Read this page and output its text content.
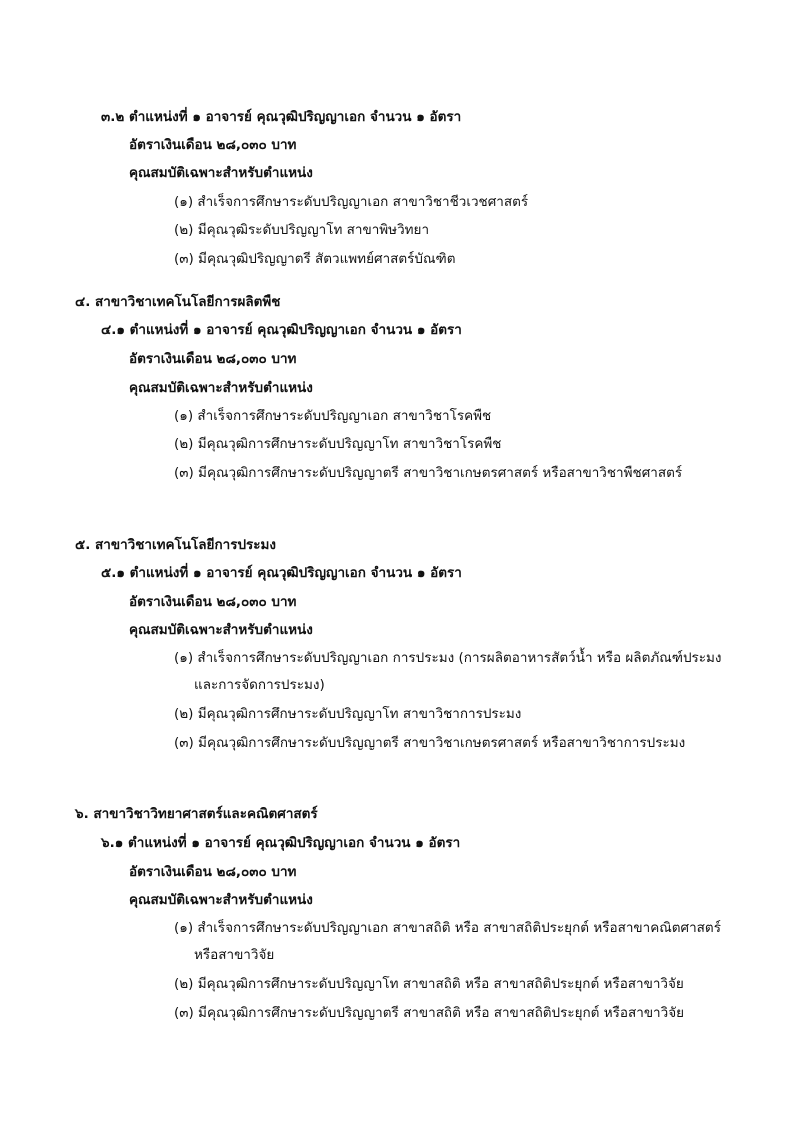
๓.๒ ตำแหน่งที่ ๑ อาจารย์ คุณวุฒิปริญญาเอก จำนวน ๑ อัตรา
อัตราเงินเดือน ๒๘,๐๓๐ บาท
คุณสมบัติเฉพาะสำหรับตำแหน่ง
(๑) สำเร็จการศึกษาระดับปริญญาเอก สาขาวิชาชีวเวชศาสตร์
(๒) มีคุณวุฒิระดับปริญญาโท สาขาพิษวิทยา
(๓) มีคุณวุฒิปริญญาตรี สัตวแพทย์ศาสตร์บัณฑิต
๔. สาขาวิชาเทคโนโลยีการผลิตพืช
๔.๑ ตำแหน่งที่ ๑ อาจารย์ คุณวุฒิปริญญาเอก จำนวน ๑ อัตรา
อัตราเงินเดือน ๒๘,๐๓๐ บาท
คุณสมบัติเฉพาะสำหรับตำแหน่ง
(๑) สำเร็จการศึกษาระดับปริญญาเอก สาขาวิชาโรคพืช
(๒) มีคุณวุฒิการศึกษาระดับปริญญาโท สาขาวิชาโรคพืช
(๓) มีคุณวุฒิการศึกษาระดับปริญญาตรี สาขาวิชาเกษตรศาสตร์ หรือสาขาวิชาพืชศาสตร์
๕. สาขาวิชาเทคโนโลยีการประมง
๕.๑ ตำแหน่งที่ ๑ อาจารย์ คุณวุฒิปริญญาเอก จำนวน ๑ อัตรา
อัตราเงินเดือน ๒๘,๐๓๐ บาท
คุณสมบัติเฉพาะสำหรับตำแหน่ง
(๑) สำเร็จการศึกษาระดับปริญญาเอก การประมง (การผลิตอาหารสัตว์น้ำ หรือ ผลิตภัณฑ์ประมง
และการจัดการประมง)
(๒) มีคุณวุฒิการศึกษาระดับปริญญาโท สาขาวิชาการประมง
(๓) มีคุณวุฒิการศึกษาระดับปริญญาตรี สาขาวิชาเกษตรศาสตร์ หรือสาขาวิชาการประมง
๖. สาขาวิชาวิทยาศาสตร์และคณิตศาสตร์
๖.๑ ตำแหน่งที่ ๑ อาจารย์ คุณวุฒิปริญญาเอก จำนวน ๑ อัตรา
อัตราเงินเดือน ๒๘,๐๓๐ บาท
คุณสมบัติเฉพาะสำหรับตำแหน่ง
(๑) สำเร็จการศึกษาระดับปริญญาเอก สาขาสถิติ หรือ สาขาสถิติประยุกต์ หรือสาขาคณิตศาสตร์
หรือสาขาวิจัย
(๒) มีคุณวุฒิการศึกษาระดับปริญญาโท สาขาสถิติ หรือ สาขาสถิติประยุกต์ หรือสาขาวิจัย
(๓) มีคุณวุฒิการศึกษาระดับปริญญาตรี สาขาสถิติ หรือ สาขาสถิติประยุกต์ หรือสาขาวิจัย
